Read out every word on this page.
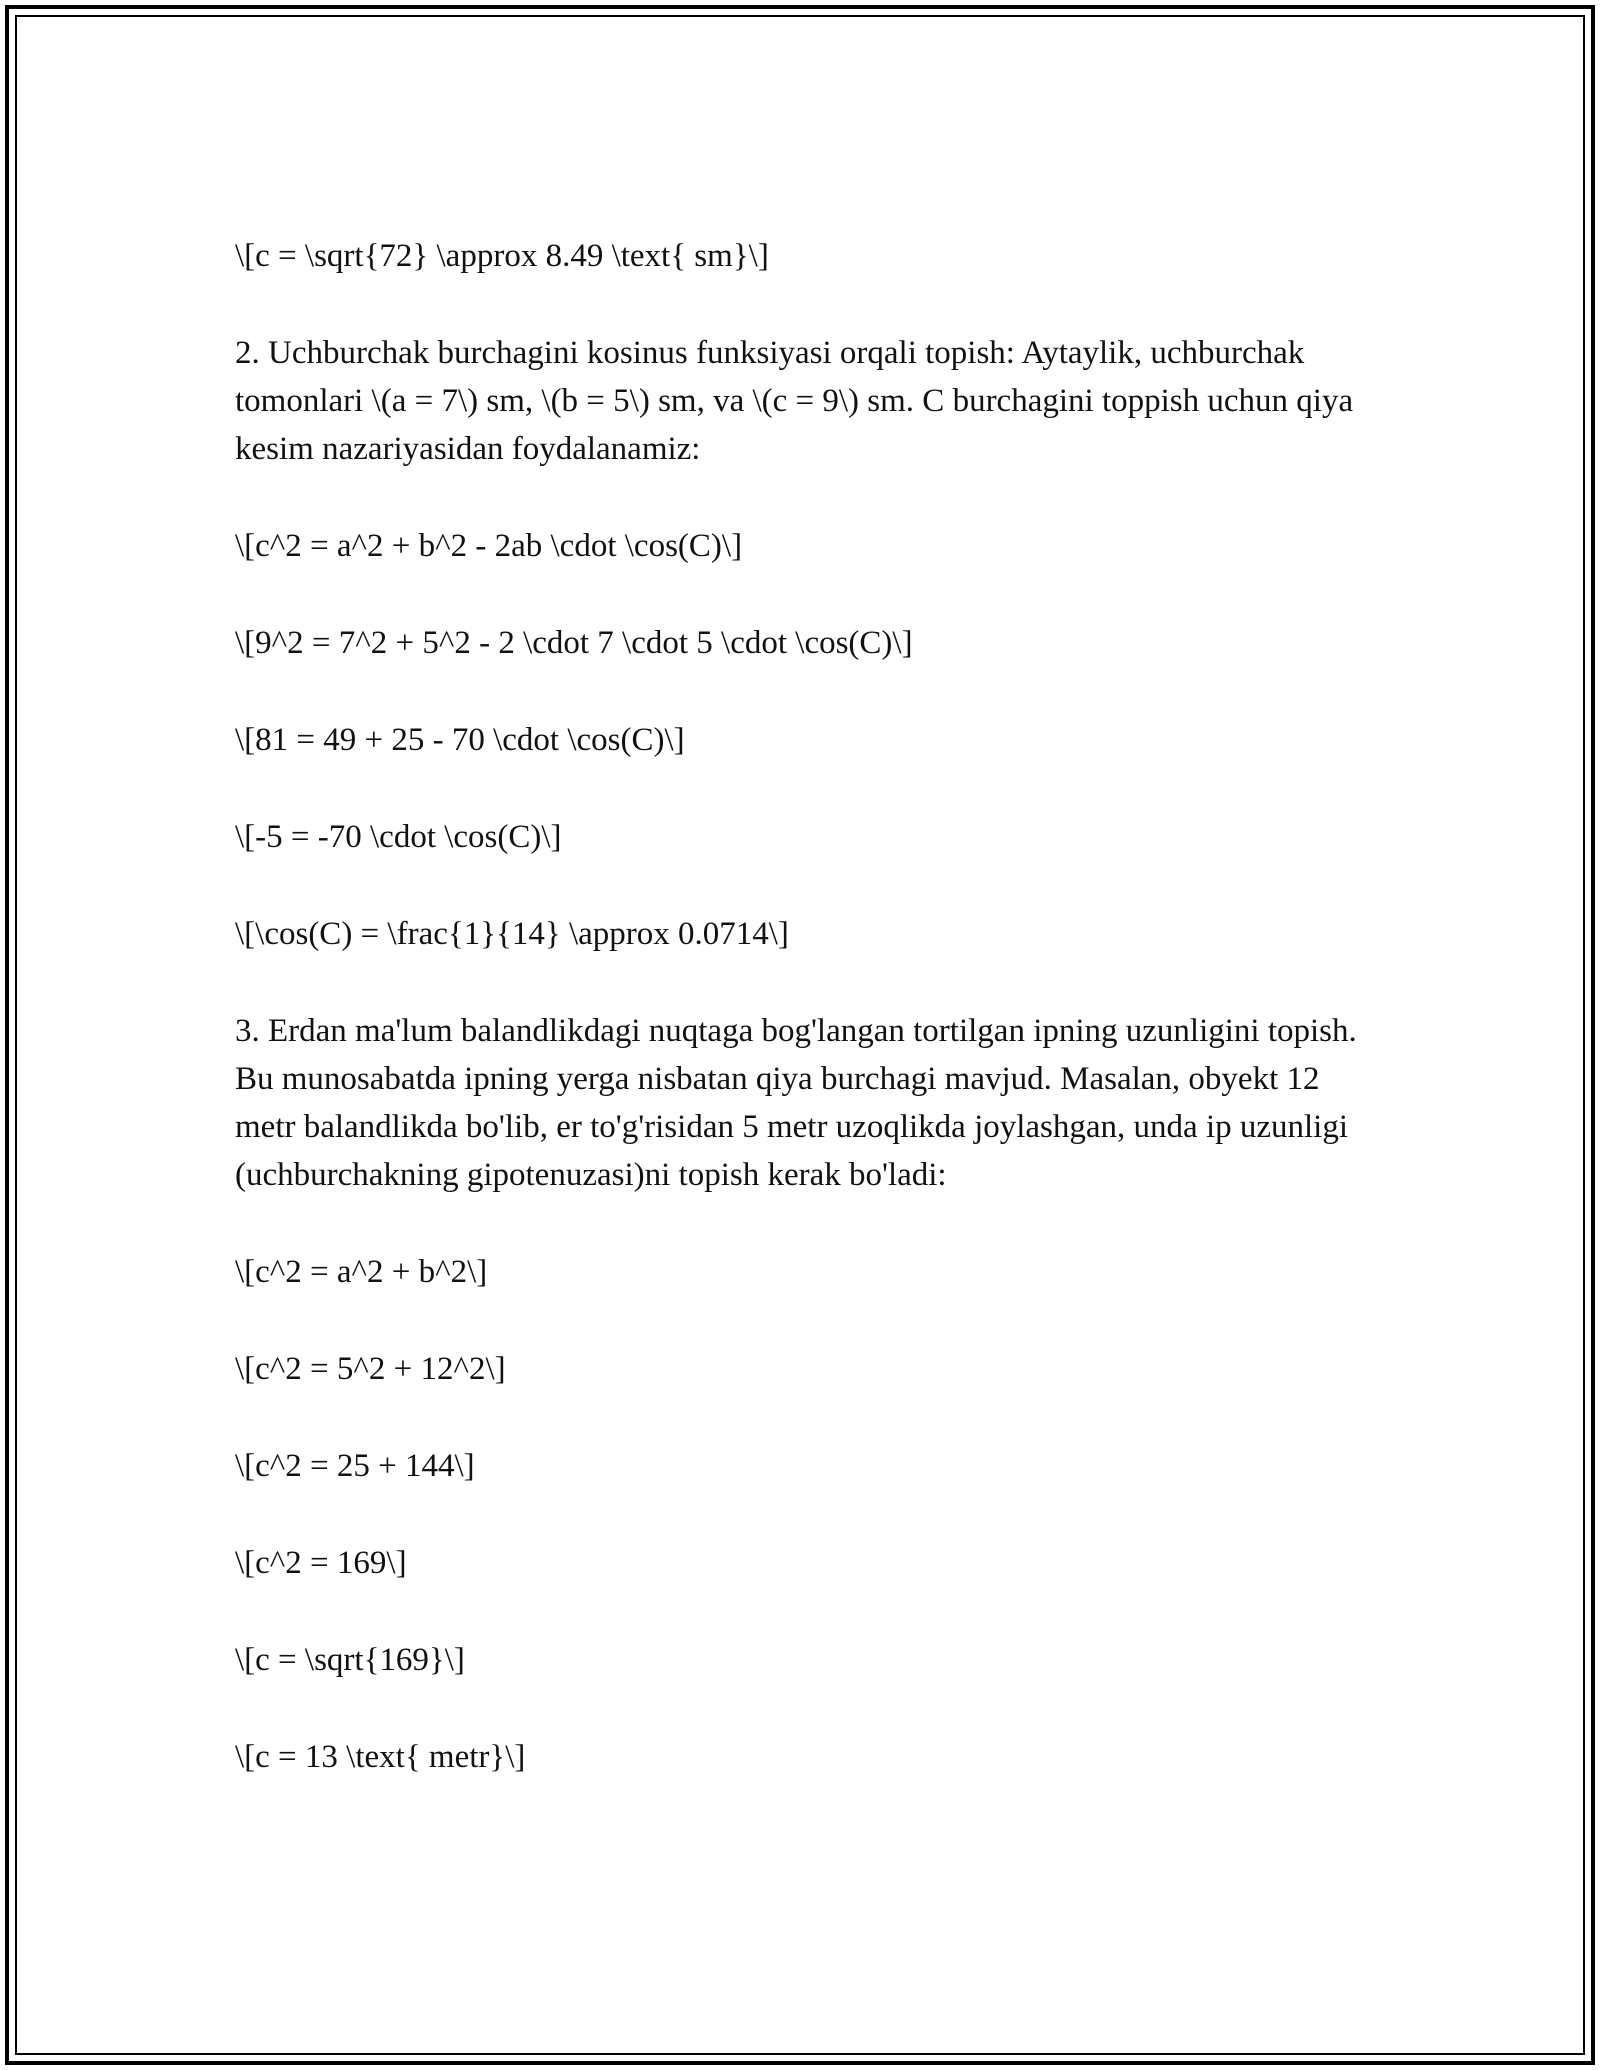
\[c = \sqrt{72} \approx 8.49 \text{ sm}\]

2. Uchburchak burchagini kosinus funksiyasi orqali topish: Aytaylik, uchburchak tomonlari \(a = 7\) sm, \(b = 5\) sm, va \(c = 9\) sm. C burchagini toppish uchun qiya kesim nazariyasidan foydalanamiz:

\[c^2 = a^2 + b^2 - 2ab \cdot \cos(C)\]

\[9^2 = 7^2 + 5^2 - 2 \cdot 7 \cdot 5 \cdot \cos(C)\]

\[81 = 49 + 25 - 70 \cdot \cos(C)\]

\[-5 = -70 \cdot \cos(C)\]

\[\cos(C) = \frac{1}{14} \approx 0.0714\]

3. Erdan ma'lum balandlikdagi nuqtaga bog'langan tortilgan ipning uzunligini topish. Bu munosabatda ipning yerga nisbatan qiya burchagi mavjud. Masalan, obyekt 12 metr balandlikda bo'lib, er to'g'risidan 5 metr uzoqlikda joylashgan, unda ip uzunligi (uchburchakning gipotenuzasi)ni topish kerak bo'ladi:

\[c^2 = a^2 + b^2\]

\[c^2 = 5^2 + 12^2\]

\[c^2 = 25 + 144\]

\[c^2 = 169\]

\[c = \sqrt{169}\]

\[c = 13 \text{ metr}\]
